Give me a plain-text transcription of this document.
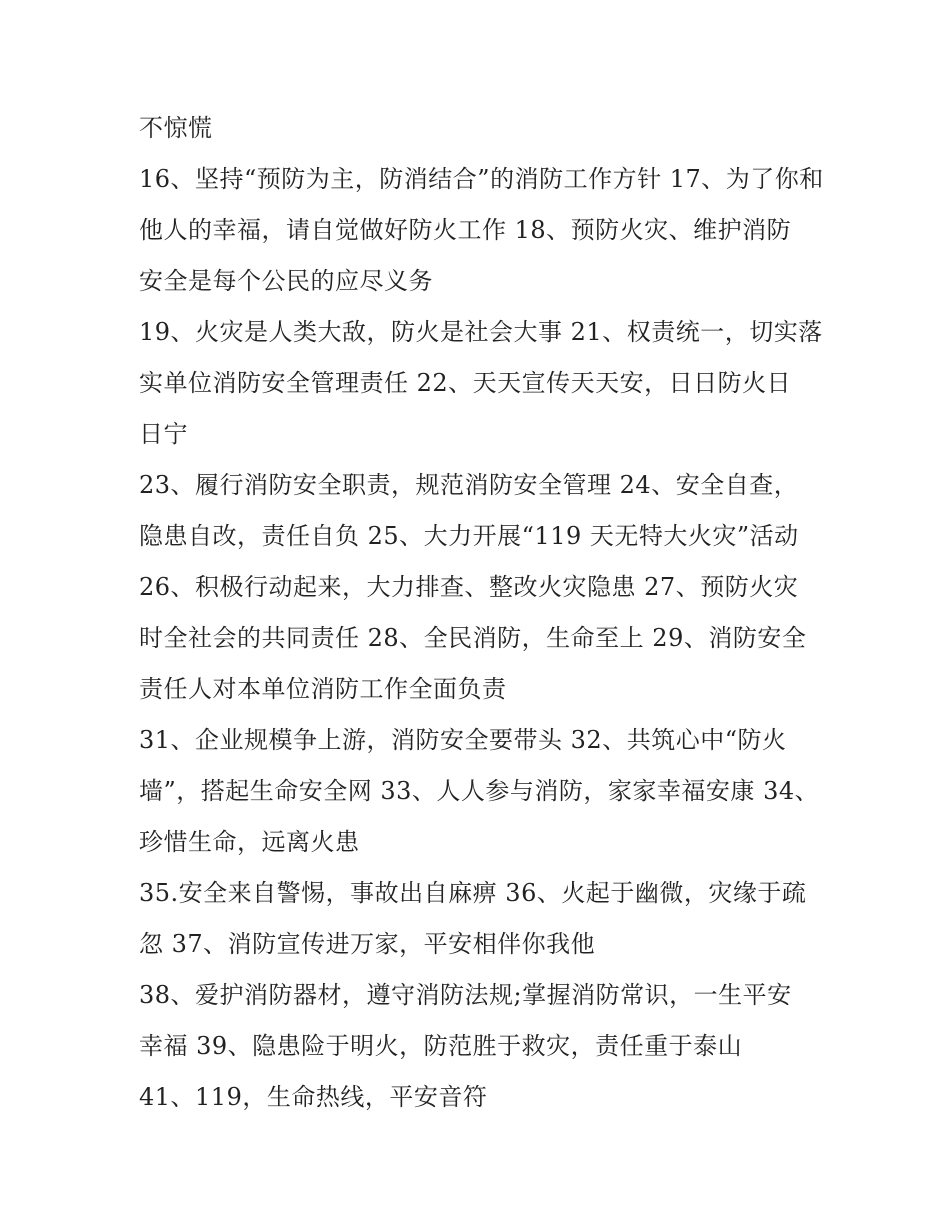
不惊慌
16、坚持“预防为主，防消结合”的消防工作方针 17、为了你和
他人的幸福，请自觉做好防火工作 18、预防火灾、维护消防
安全是每个公民的应尽义务
19、火灾是人类大敌，防火是社会大事 21、权责统一，切实落
实单位消防安全管理责任 22、天天宣传天天安，日日防火日
日宁
23、履行消防安全职责，规范消防安全管理 24、安全自查，
隐患自改，责任自负 25、大力开展“119 天无特大火灾”活动
26、积极行动起来，大力排查、整改火灾隐患 27、预防火灾
时全社会的共同责任 28、全民消防，生命至上 29、消防安全
责任人对本单位消防工作全面负责
31、企业规模争上游，消防安全要带头 32、共筑心中“防火
墙”，搭起生命安全网 33、人人参与消防，家家幸福安康 34、
珍惜生命，远离火患
35.安全来自警惕，事故出自麻痹 36、火起于幽微，灾缘于疏
忽 37、消防宣传进万家，平安相伴你我他
38、爱护消防器材，遵守消防法规;掌握消防常识，一生平安
幸福 39、隐患险于明火，防范胜于救灾，责任重于泰山
41、119，生命热线，平安音符
